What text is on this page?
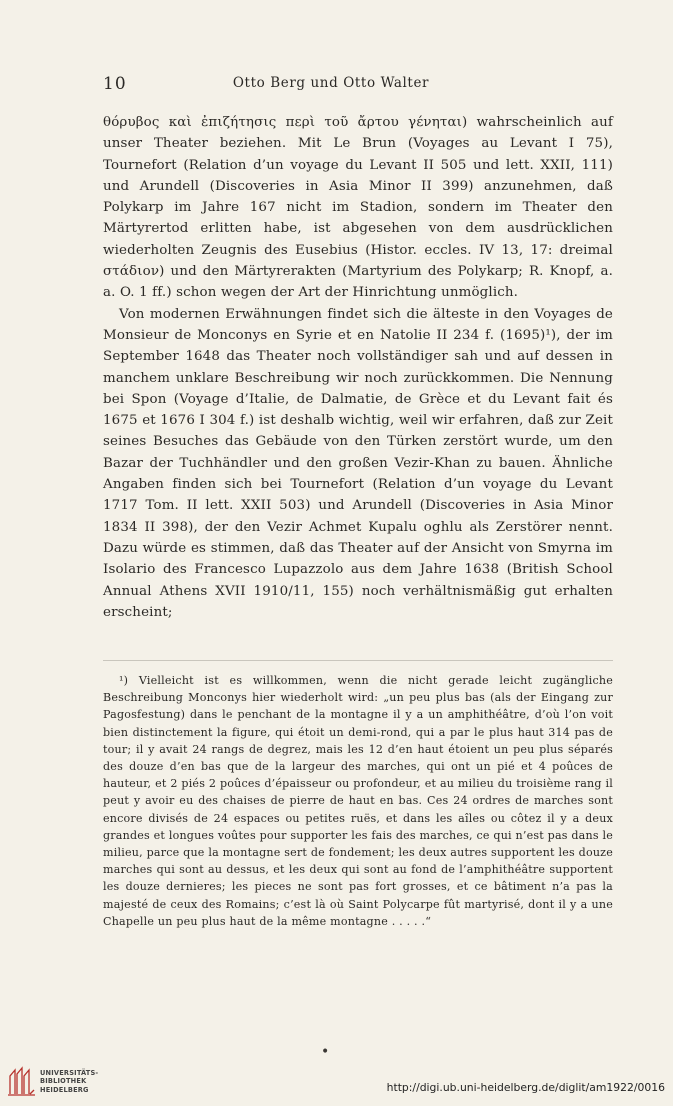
10	Otto Berg und Otto Walter

θόρυβος καὶ ἐπιζήτησις περὶ τοῦ ἄρτου γένηται) wahrscheinlich auf unser Theater beziehen. Mit Le Brun (Voyages au Levant I 75), Tournefort (Relation d’un voyage du Levant II 505 und lett. XXII, 111) und Arundell (Discoveries in Asia Minor II 399) anzunehmen, daß Polykarp im Jahre 167 nicht im Stadion, sondern im Theater den Märtyrertod erlitten habe, ist abgesehen von dem ausdrücklichen wiederholten Zeugnis des Eusebius (Histor. eccles. IV 13, 17: dreimal στάδιον) und den Märtyrerakten (Martyrium des Polykarp; R. Knopf, a. a. O. 1 ff.) schon wegen der Art der Hinrichtung unmöglich.

Von modernen Erwähnungen findet sich die älteste in den Voyages de Monsieur de Monconys en Syrie et en Natolie II 234 f. (1695)¹), der im September 1648 das Theater noch vollständiger sah und auf dessen in manchem unklare Beschreibung wir noch zurückkommen. Die Nennung bei Spon (Voyage d’Italie, de Dalmatie, de Grèce et du Levant fait és 1675 et 1676 I 304 f.) ist deshalb wichtig, weil wir erfahren, daß zur Zeit seines Besuches das Gebäude von den Türken zerstört wurde, um den Bazar der Tuchhändler und den großen Vezir-Khan zu bauen. Ähnliche Angaben finden sich bei Tournefort (Relation d’un voyage du Levant 1717 Tom. II lett. XXII 503) und Arundell (Discoveries in Asia Minor 1834 II 398), der den Vezir Achmet Kupalu oghlu als Zerstörer nennt. Dazu würde es stimmen, daß das Theater auf der Ansicht von Smyrna im Isolario des Francesco Lupazzolo aus dem Jahre 1638 (British School Annual Athens XVII 1910/11, 155) noch verhältnismäßig gut erhalten erscheint;

¹) Vielleicht ist es willkommen, wenn die nicht gerade leicht zugängliche Beschreibung Monconys hier wiederholt wird: „un peu plus bas (als der Eingang zur Pagosfestung) dans le penchant de la montagne il y a un amphithéâtre, d’où l’on voit bien distinctement la figure, qui étoit un demi-rond, qui a par le plus haut 314 pas de tour; il y avait 24 rangs de degrez, mais les 12 d’en haut étoient un peu plus séparés des douze d’en bas que de la largeur des marches, qui ont un pié et 4 poûces de hauteur, et 2 piés 2 poûces d’épaisseur ou profondeur, et au milieu du troisième rang il peut y avoir eu des chaises de pierre de haut en bas. Ces 24 ordres de marches sont encore divisés de 24 espaces ou petites ruës, et dans les aîles ou côtez il y a deux grandes et longues voûtes pour supporter les fais des marches, ce qui n’est pas dans le milieu, parce que la montagne sert de fondement; les deux autres supportent les douze marches qui sont au dessus, et les deux qui sont au fond de l’amphithéâtre supportent les douze dernieres; les pieces ne sont pas fort grosses, et ce bâtiment n’a pas la majesté de ceux des Romains; c’est là où Saint Polycarpe fût martyrisé, dont il y a une Chapelle un peu plus haut de la même montagne . . . . .“

•
UNIVERSITÄTS-
BIBLIOTHEK
HEIDELBERG	http://digi.ub.uni-heidelberg.de/diglit/am1922/0016
